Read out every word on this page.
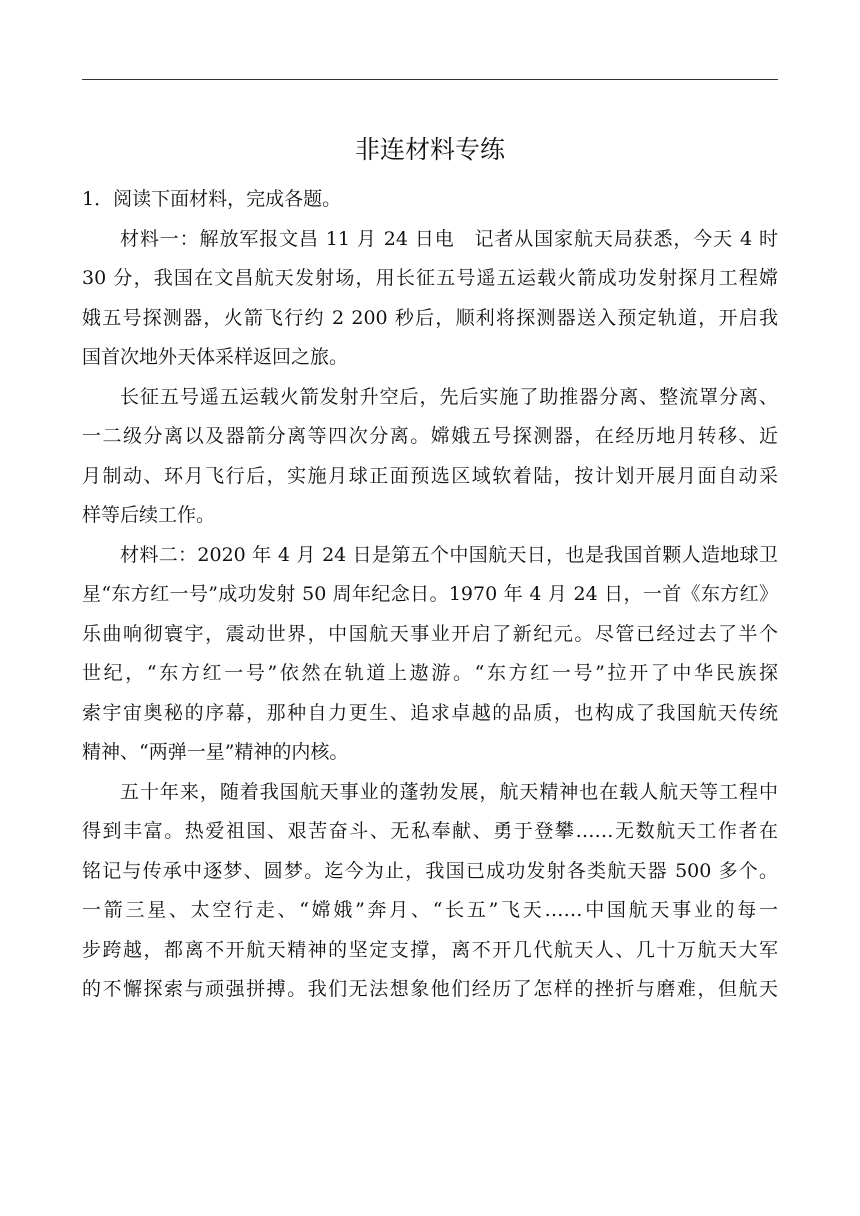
非连材料专练
1．阅读下面材料，完成各题。
材料一：解放军报文昌 11 月 24 日电　记者从国家航天局获悉，今天 4 时
30 分，我国在文昌航天发射场，用长征五号遥五运载火箭成功发射探月工程嫦
娥五号探测器，火箭飞行约 2 200 秒后，顺利将探测器送入预定轨道，开启我
国首次地外天体采样返回之旅。
长征五号遥五运载火箭发射升空后，先后实施了助推器分离、整流罩分离、
一二级分离以及器箭分离等四次分离。嫦娥五号探测器，在经历地月转移、近
月制动、环月飞行后，实施月球正面预选区域软着陆，按计划开展月面自动采
样等后续工作。
材料二：2020 年 4 月 24 日是第五个中国航天日，也是我国首颗人造地球卫
星“东方红一号”成功发射 50 周年纪念日。1970 年 4 月 24 日，一首《东方红》
乐曲响彻寰宇，震动世界，中国航天事业开启了新纪元。尽管已经过去了半个
世纪，“东方红一号”依然在轨道上遨游。“东方红一号”拉开了中华民族探
索宇宙奥秘的序幕，那种自力更生、追求卓越的品质，也构成了我国航天传统
精神、“两弹一星”精神的内核。
五十年来，随着我国航天事业的蓬勃发展，航天精神也在载人航天等工程中
得到丰富。热爱祖国、艰苦奋斗、无私奉献、勇于登攀……无数航天工作者在
铭记与传承中逐梦、圆梦。迄今为止，我国已成功发射各类航天器 500 多个。
一箭三星、太空行走、“嫦娥”奔月、“长五”飞天……中国航天事业的每一
步跨越，都离不开航天精神的坚定支撑，离不开几代航天人、几十万航天大军
的不懈探索与顽强拼搏。我们无法想象他们经历了怎样的挫折与磨难，但航天
